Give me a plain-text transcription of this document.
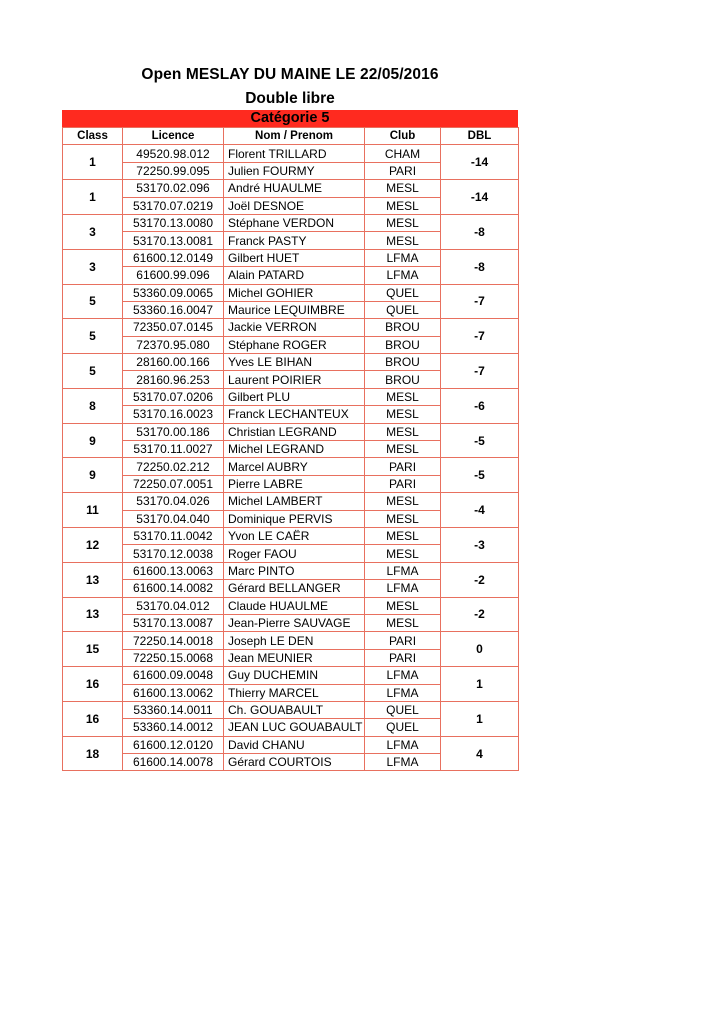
Open MESLAY DU MAINE LE 22/05/2016
Double libre
Catégorie 5
Class	Licence	Nom / Prenom	Club	DBL
1	49520.98.012	Florent TRILLARD	CHAM	-14
	72250.99.095	Julien FOURMY	PARI	
1	53170.02.096	André HUAULME	MESL	-14
	53170.07.0219	Joël DESNOE	MESL	
3	53170.13.0080	Stéphane VERDON	MESL	-8
	53170.13.0081	Franck PASTY	MESL	
3	61600.12.0149	Gilbert HUET	LFMA	-8
	61600.99.096	Alain PATARD	LFMA	
5	53360.09.0065	Michel GOHIER	QUEL	-7
	53360.16.0047	Maurice LEQUIMBRE	QUEL	
5	72350.07.0145	Jackie VERRON	BROU	-7
	72370.95.080	Stéphane ROGER	BROU	
5	28160.00.166	Yves LE BIHAN	BROU	-7
	28160.96.253	Laurent POIRIER	BROU	
8	53170.07.0206	Gilbert PLU	MESL	-6
	53170.16.0023	Franck LECHANTEUX	MESL	
9	53170.00.186	Christian LEGRAND	MESL	-5
	53170.11.0027	Michel LEGRAND	MESL	
9	72250.02.212	Marcel AUBRY	PARI	-5
	72250.07.0051	Pierre LABRE	PARI	
11	53170.04.026	Michel LAMBERT	MESL	-4
	53170.04.040	Dominique PERVIS	MESL	
12	53170.11.0042	Yvon LE CAËR	MESL	-3
	53170.12.0038	Roger FAOU	MESL	
13	61600.13.0063	Marc PINTO	LFMA	-2
	61600.14.0082	Gérard BELLANGER	LFMA	
13	53170.04.012	Claude HUAULME	MESL	-2
	53170.13.0087	Jean-Pierre SAUVAGE	MESL	
15	72250.14.0018	Joseph LE DEN	PARI	0
	72250.15.0068	Jean MEUNIER	PARI	
16	61600.09.0048	Guy DUCHEMIN	LFMA	1
	61600.13.0062	Thierry MARCEL	LFMA	
16	53360.14.0011	Ch. GOUABAULT	QUEL	1
	53360.14.0012	JEAN LUC GOUABAULT	QUEL	
18	61600.12.0120	David CHANU	LFMA	4
	61600.14.0078	Gérard COURTOIS	LFMA	
